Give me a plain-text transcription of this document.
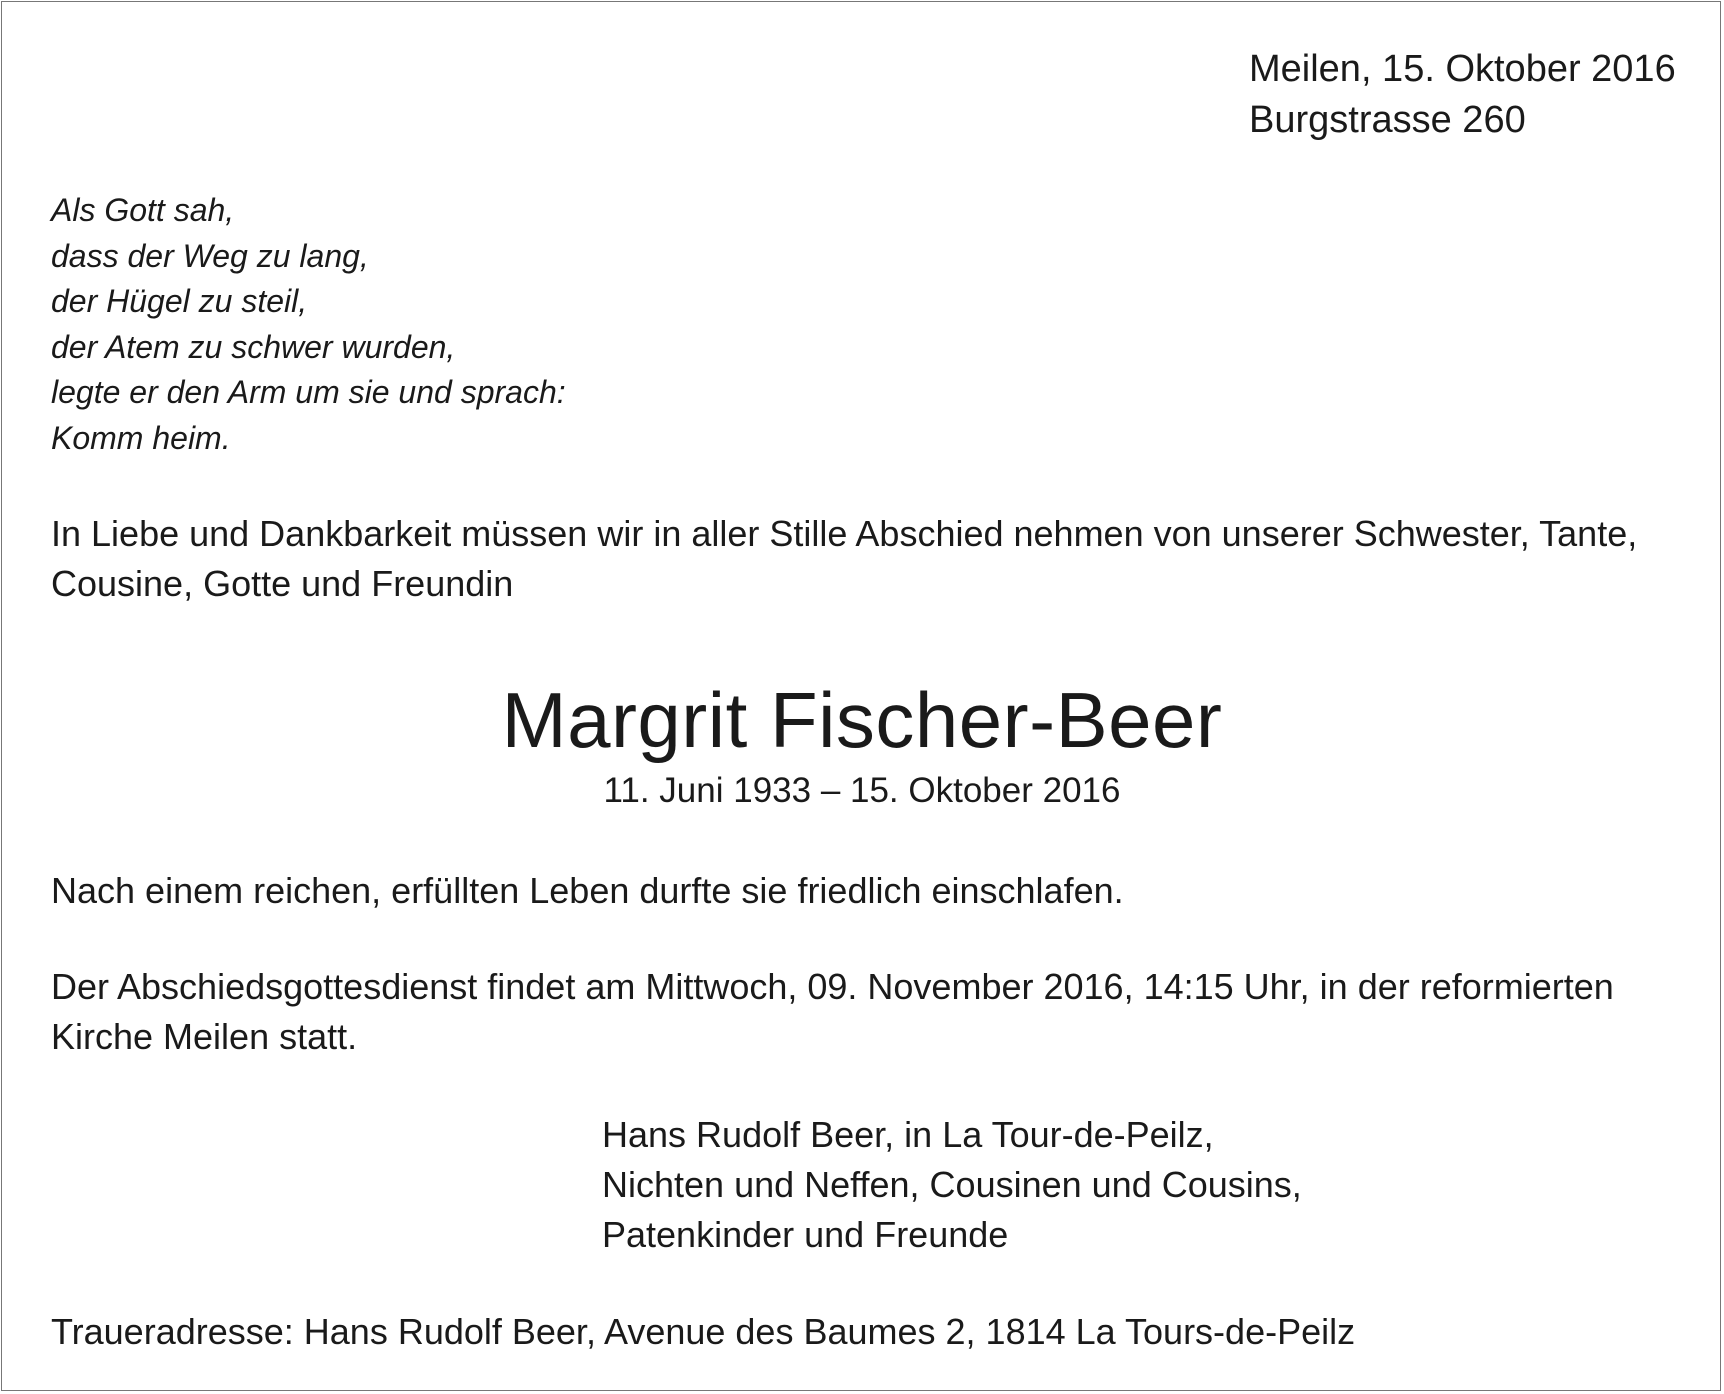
Meilen, 15. Oktober 2016
Burgstrasse 260
Als Gott sah,
dass der Weg zu lang,
der Hügel zu steil,
der Atem zu schwer wurden,
legte er den Arm um sie und sprach:
Komm heim.
In Liebe und Dankbarkeit müssen wir in aller Stille Abschied nehmen von unserer Schwester, Tante,
Cousine, Gotte und Freundin
Margrit Fischer-Beer
11. Juni 1933 – 15. Oktober 2016
Nach einem reichen, erfüllten Leben durfte sie friedlich einschlafen.
Der Abschiedsgottesdienst findet am Mittwoch, 09. November 2016, 14:15 Uhr, in der reformierten
Kirche Meilen statt.
Hans Rudolf Beer, in La Tour-de-Peilz,
Nichten und Neffen, Cousinen und Cousins,
Patenkinder und Freunde
Traueradresse: Hans Rudolf Beer, Avenue des Baumes 2, 1814 La Tours-de-Peilz
